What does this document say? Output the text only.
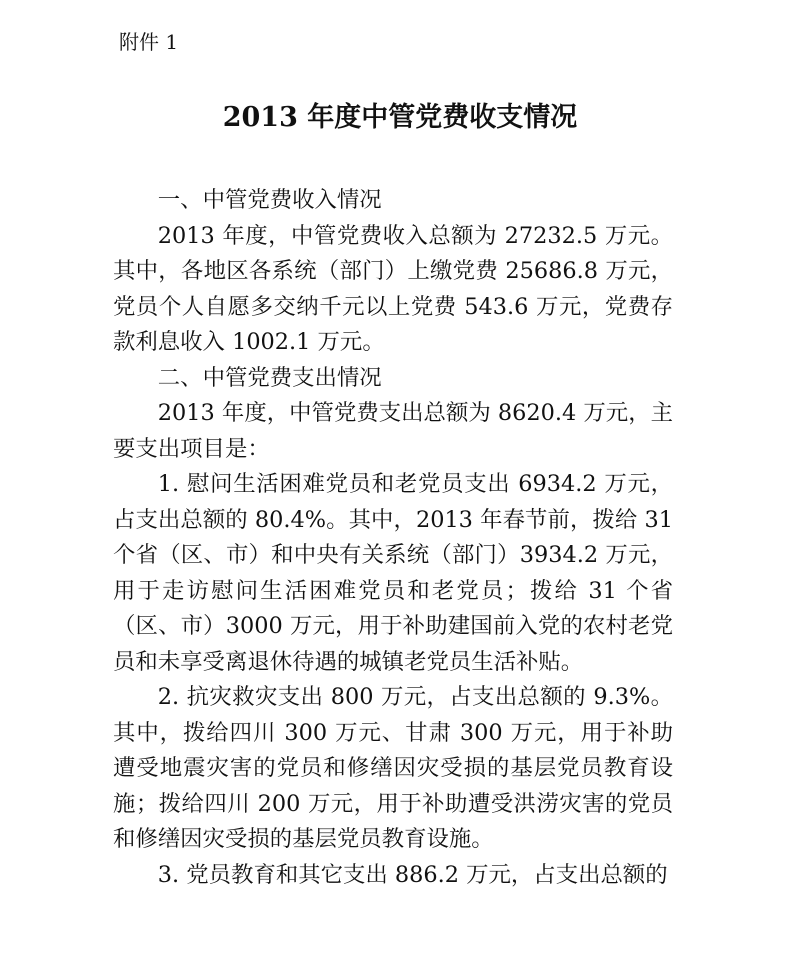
附件 1
2013 年度中管党费收支情况

一、中管党费收入情况

2013 年度，中管党费收入总额为 27232.5 万元。其中，各地区各系统（部门）上缴党费 25686.8 万元，党员个人自愿多交纳千元以上党费 543.6 万元，党费存款利息收入 1002.1 万元。

二、中管党费支出情况

2013 年度，中管党费支出总额为 8620.4 万元，主要支出项目是：

1. 慰问生活困难党员和老党员支出 6934.2 万元，占支出总额的 80.4%。其中，2013 年春节前，拨给 31 个省（区、市）和中央有关系统（部门）3934.2 万元，用于走访慰问生活困难党员和老党员；拨给 31 个省（区、市）3000 万元，用于补助建国前入党的农村老党员和未享受离退休待遇的城镇老党员生活补贴。

2. 抗灾救灾支出 800 万元，占支出总额的 9.3%。其中，拨给四川 300 万元、甘肃 300 万元，用于补助遭受地震灾害的党员和修缮因灾受损的基层党员教育设施；拨给四川 200 万元，用于补助遭受洪涝灾害的党员和修缮因灾受损的基层党员教育设施。

3. 党员教育和其它支出 886.2 万元，占支出总额的
